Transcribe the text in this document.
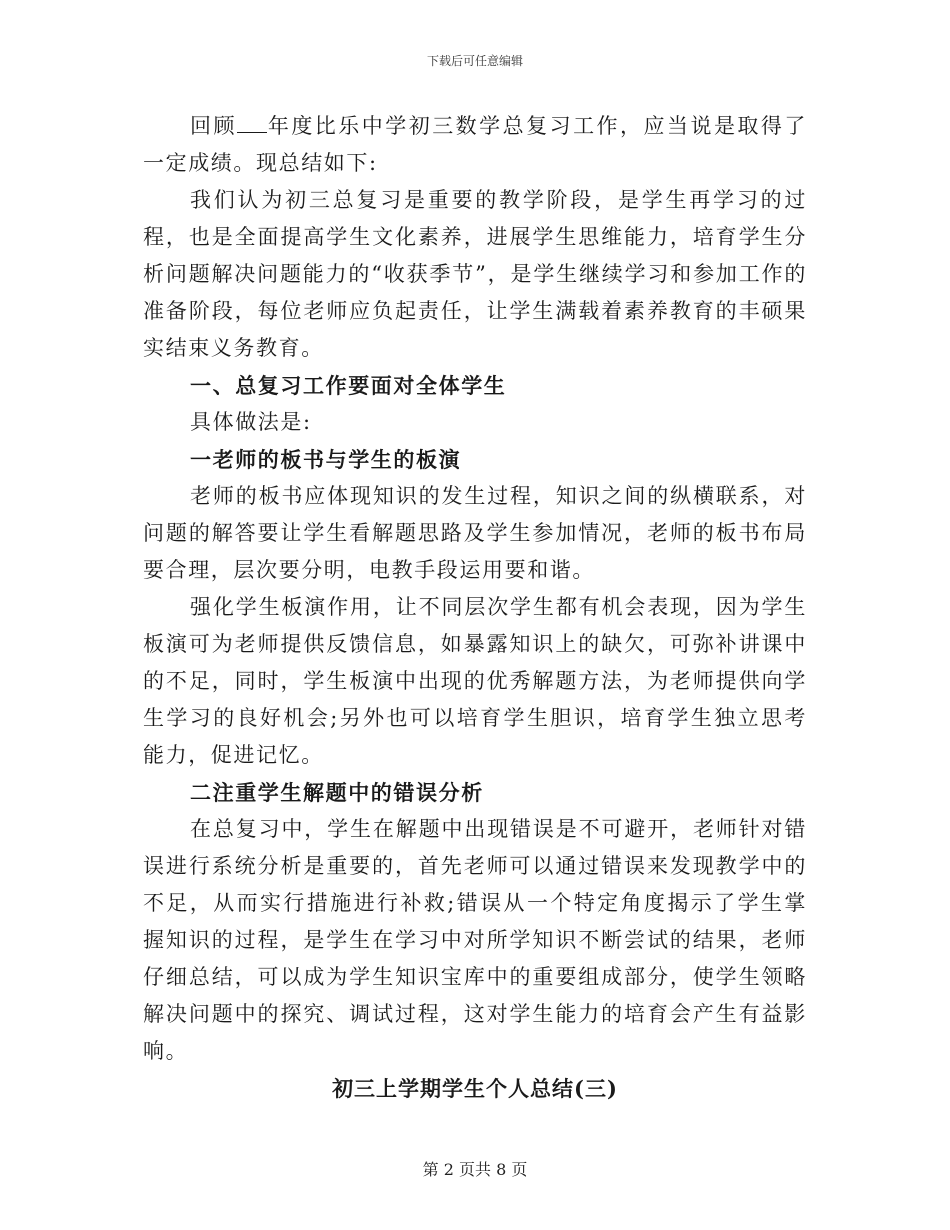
下载后可任意编辑

回顾 年度比乐中学初三数学总复习工作，应当说是取得了一定成绩。现总结如下:

我们认为初三总复习是重要的教学阶段，是学生再学习的过程，也是全面提高学生文化素养，进展学生思维能力，培育学生分析问题解决问题能力的“收获季节”，是学生继续学习和参加工作的准备阶段，每位老师应负起责任，让学生满载着素养教育的丰硕果实结束义务教育。

一、总复习工作要面对全体学生

具体做法是:

一老师的板书与学生的板演

老师的板书应体现知识的发生过程，知识之间的纵横联系，对问题的解答要让学生看解题思路及学生参加情况，老师的板书布局要合理，层次要分明，电教手段运用要和谐。

强化学生板演作用，让不同层次学生都有机会表现，因为学生板演可为老师提供反馈信息，如暴露知识上的缺欠，可弥补讲课中的不足，同时，学生板演中出现的优秀解题方法，为老师提供向学生学习的良好机会;另外也可以培育学生胆识，培育学生独立思考能力，促进记忆。

二注重学生解题中的错误分析

在总复习中，学生在解题中出现错误是不可避开，老师针对错误进行系统分析是重要的，首先老师可以通过错误来发现教学中的不足，从而实行措施进行补救;错误从一个特定角度揭示了学生掌握知识的过程，是学生在学习中对所学知识不断尝试的结果，老师仔细总结，可以成为学生知识宝库中的重要组成部分，使学生领略解决问题中的探究、调试过程，这对学生能力的培育会产生有益影响。

初三上学期学生个人总结(三)

第 2 页共 8 页
